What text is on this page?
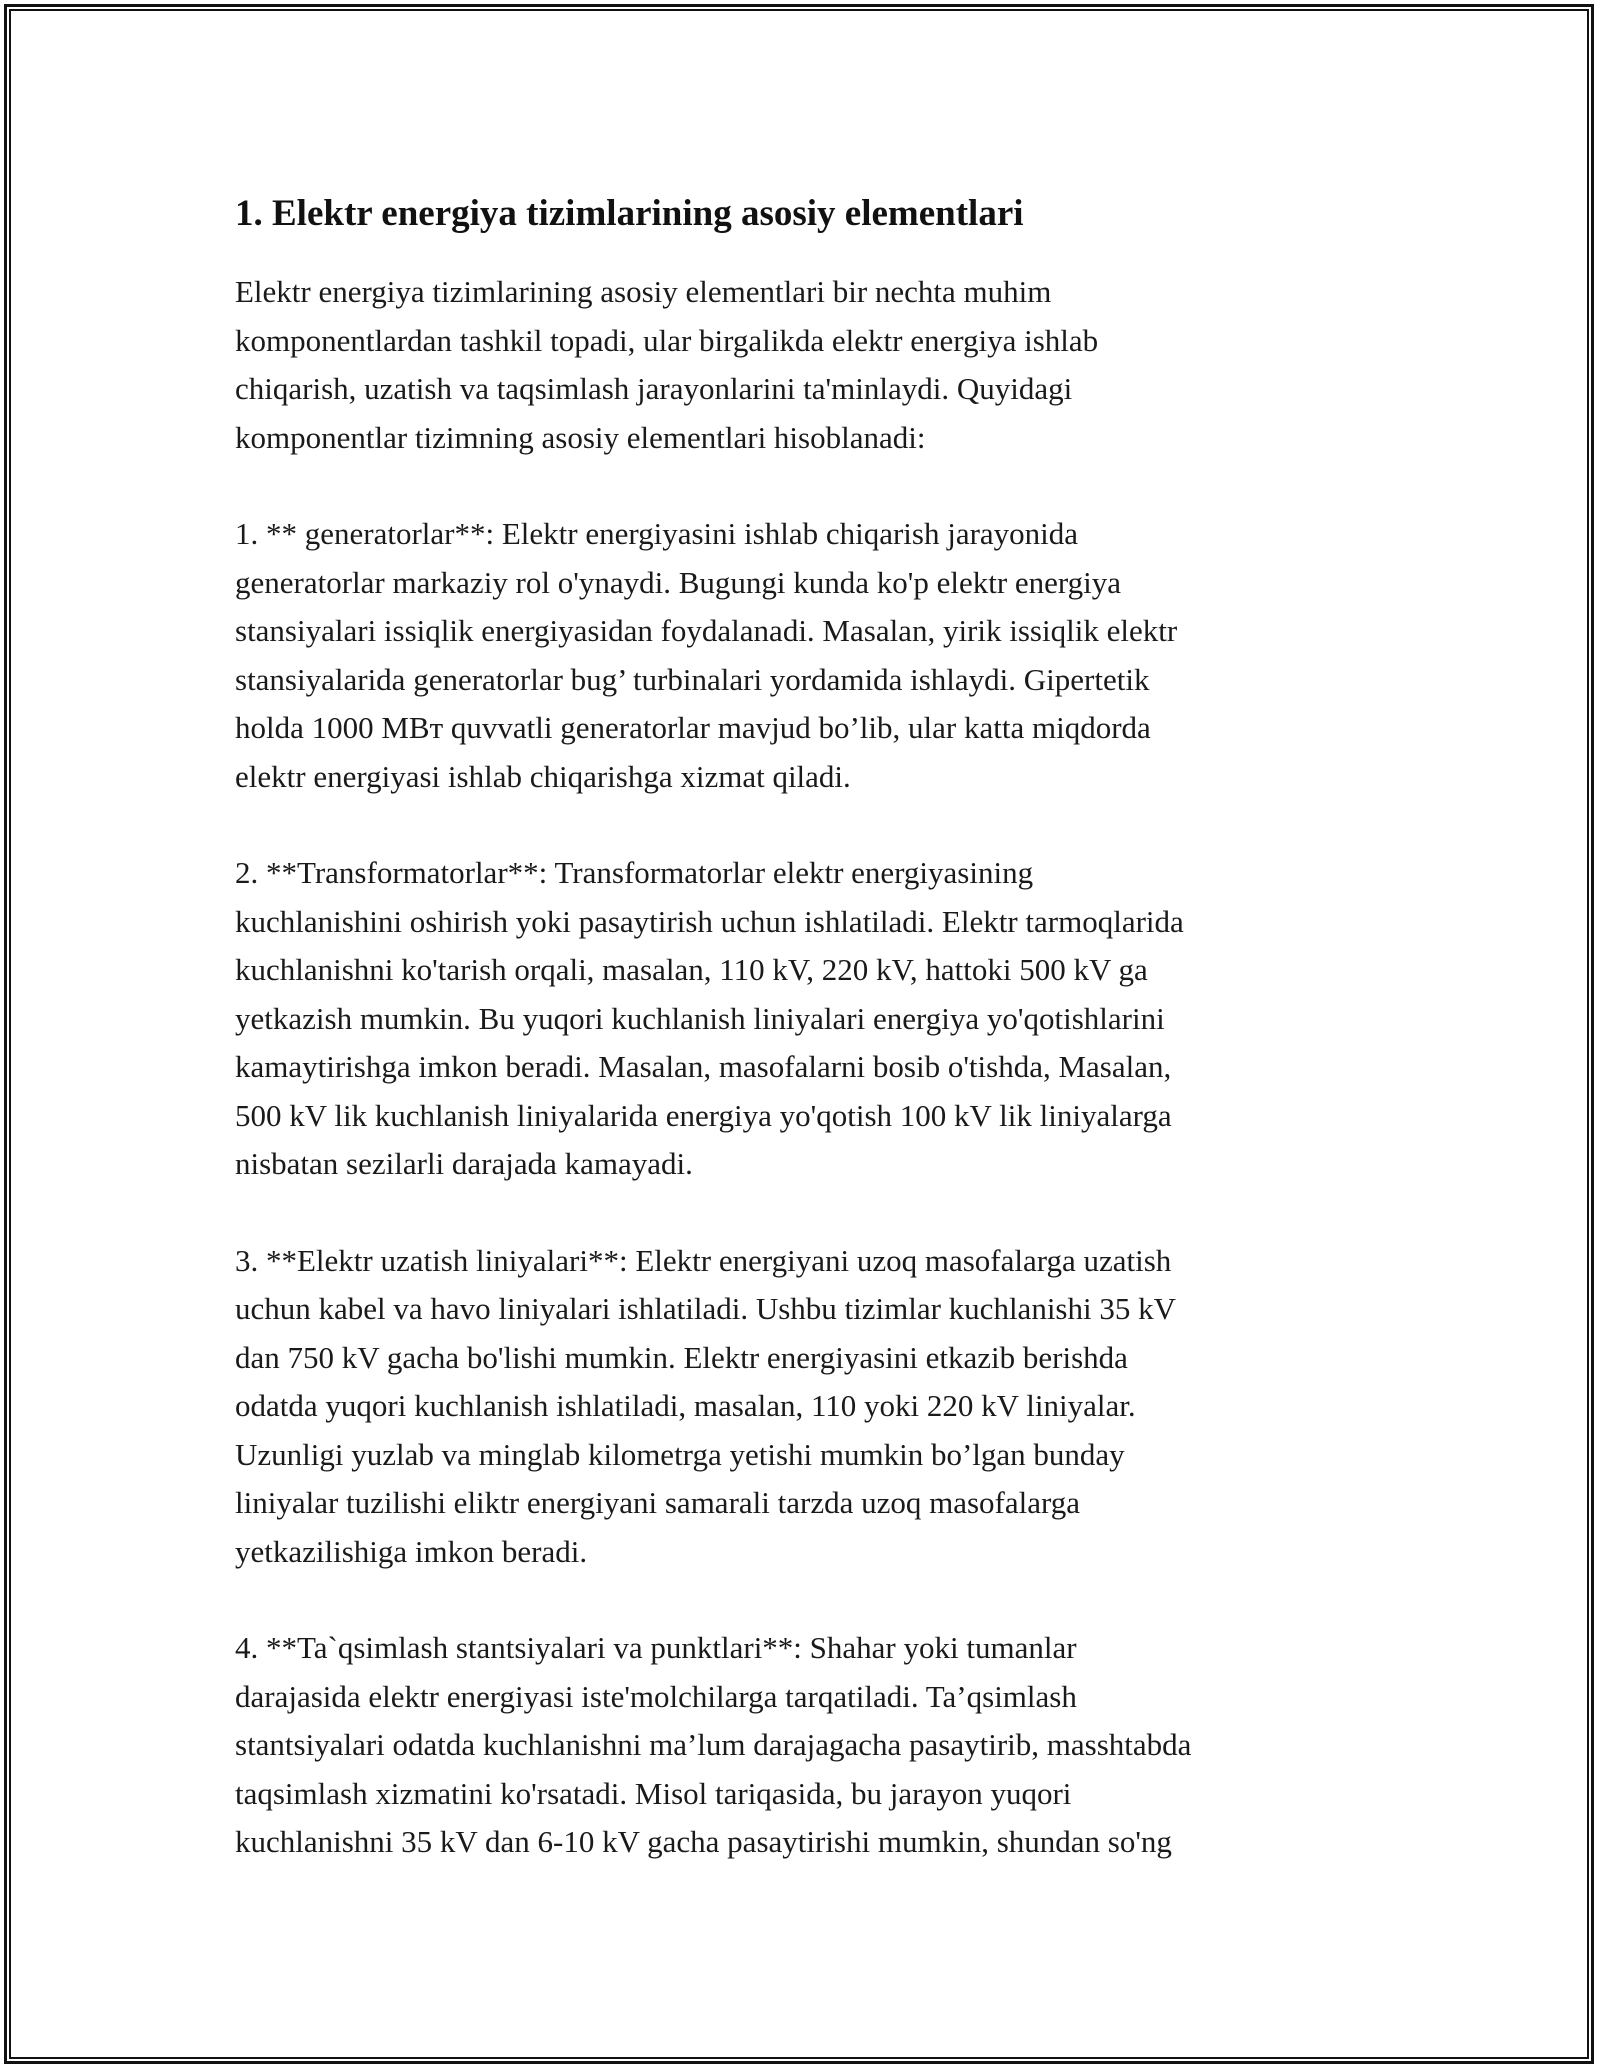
1. Elektr energiya tizimlarining asosiy elementlari

Elektr energiya tizimlarining asosiy elementlari bir nechta muhim
komponentlardan tashkil topadi, ular birgalikda elektr energiya ishlab
chiqarish, uzatish va taqsimlash jarayonlarini ta'minlaydi. Quyidagi
komponentlar tizimning asosiy elementlari hisoblanadi:

1. ** generatorlar**: Elektr energiyasini ishlab chiqarish jarayonida
generatorlar markaziy rol o'ynaydi. Bugungi kunda ko'p elektr energiya
stansiyalari issiqlik energiyasidan foydalanadi. Masalan, yirik issiqlik elektr
stansiyalarida generatorlar bug’ turbinalari yordamida ishlaydi. Gipertetik
holda 1000 MBт quvvatli generatorlar mavjud bo’lib, ular katta miqdorda
elektr energiyasi ishlab chiqarishga xizmat qiladi.

2. **Transformatorlar**: Transformatorlar elektr energiyasining
kuchlanishini oshirish yoki pasaytirish uchun ishlatiladi. Elektr tarmoqlarida
kuchlanishni ko'tarish orqali, masalan, 110 kV, 220 kV, hattoki 500 kV ga
yetkazish mumkin. Bu yuqori kuchlanish liniyalari energiya yo'qotishlarini
kamaytirishga imkon beradi. Masalan, masofalarni bosib o'tishda, Masalan,
500 kV lik kuchlanish liniyalarida energiya yo'qotish 100 kV lik liniyalarga
nisbatan sezilarli darajada kamayadi.

3. **Elektr uzatish liniyalari**: Elektr energiyani uzoq masofalarga uzatish
uchun kabel va havo liniyalari ishlatiladi. Ushbu tizimlar kuchlanishi 35 kV
dan 750 kV gacha bo'lishi mumkin. Elektr energiyasini etkazib berishda
odatda yuqori kuchlanish ishlatiladi, masalan, 110 yoki 220 kV liniyalar.
Uzunligi yuzlab va minglab kilometrga yetishi mumkin bo’lgan bunday
liniyalar tuzilishi eliktr energiyani samarali tarzda uzoq masofalarga
yetkazilishiga imkon beradi.

4. **Ta`qsimlash stantsiyalari va punktlari**: Shahar yoki tumanlar
darajasida elektr energiyasi iste'molchilarga tarqatiladi. Ta’qsimlash
stantsiyalari odatda kuchlanishni ma’lum darajagacha pasaytirib, masshtabda
taqsimlash xizmatini ko'rsatadi. Misol tariqasida, bu jarayon yuqori
kuchlanishni 35 kV dan 6-10 kV gacha pasaytirishi mumkin, shundan so'ng
